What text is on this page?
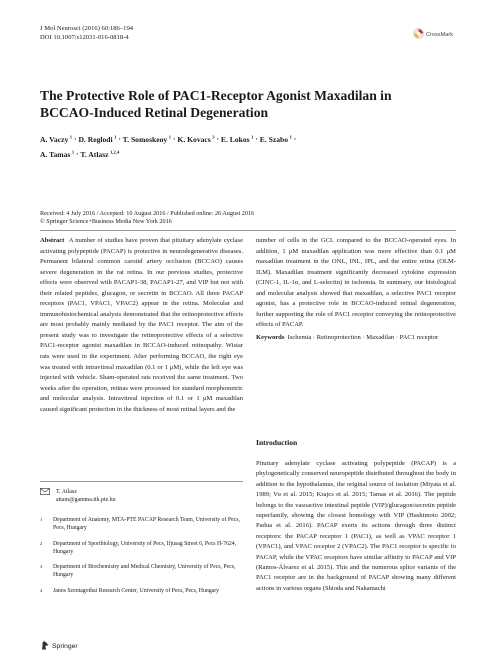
J Mol Neurosci (2016) 60:186–194
DOI 10.1007/s12031-016-0818-4	CrossMark
The Protective Role of PAC1-Receptor Agonist Maxadilan in BCCAO-Induced Retinal Degeneration
A. Vaczy  $^1$ · D. Reglodi  $^1$ · T. Somoskeoy  $^1$ · K. Kovacs  $^3$ · E. Lokos  $^1$ · E. Szabo  $^1$ ·
A. Tamas  $^1$ · T. Atlasz  $^{1,2,4}$
Received: 4 July 2016 / Accepted: 10 August 2016 / Published online: 26 August 2016
© Springer Science+Business Media New York 2016
Abstract A number of studies have proven that pituitary adenylate cyclase activating polypeptide (PACAP) is protective in neurodegenerative diseases. Permanent bilateral common carotid artery occlusion (BCCAO) causes severe degeneration in the rat retina. In our previous studies, protective effects were observed with PACAP1-38, PACAP1-27, and VIP but not with their related peptides, glucagon, or secretin in BCCAO. All three PACAP receptors (PAC1, VPAC1, VPAC2) appear in the retina. Molecular and immunohistochemical analysis demonstrated that the retinoprotective effects are most probably mainly mediated by the PAC1 receptor. The aim of the present study was to investigate the retinoprotective effects of a selective PAC1-receptor agonist maxadilan in BCCAO-induced retinopathy. Wistar rats were used in the experiment. After performing BCCAO, the right eye was treated with intravitreal maxadilan (0.1 or 1 μM), while the left eye was injected with vehicle. Sham-operated rats received the same treatment. Two weeks after the operation, retinas were processed for standard morphometric and molecular analysis. Intravitreal injection of 0.1 or 1 μM maxadilan caused significant protection in the thickness of most retinal layers and the
number of cells in the GCL compared to the BCCAO-operated eyes. In addition, 1 μM maxadilan application was more effective than 0.1 μM maxadilan treatment in the ONL, INL, IPL, and the entire retina (OLM-ILM). Maxadilan treatment significantly decreased cytokine expression (CINC-1, IL-1α, and L-selectin) in ischemia. In summary, our histological and molecular analysis showed that maxadilan, a selective PAC1 receptor agonist, has a protective role in BCCAO-induced retinal degeneration, further supporting the role of PAC1 receptor conveying the retinoprotective effects of PACAP.
Keywords Ischemia · Retinoprotection · Maxadilan · PAC1 receptor
Introduction
Pituitary adenylate cyclase activating polypeptide (PACAP) is a phylogenetically conserved neuropeptide distributed throughout the body in addition to the hypothalamus, the original source of isolation (Miyata et al. 1989; Vu et al. 2015; Krajcs et al. 2015; Tamas et al. 2016). The peptide belongs to the vasoactive intestinal peptide (VIP)/glucagon/secretin peptide superfamily, showing the closest homology with VIP (Hashimoto 2002; Padua et al. 2016). PACAP exerts its actions through three distinct receptors: the PACAP receptor 1 (PAC1), as well as VPAC receptor 1 (VPAC1), and VPAC receptor 2 (VPAC2). The PAC1 receptor is specific to PACAP, while the VPAC receptors have similar affinity to PACAP and VIP (Ramos-Álvarez et al. 2015). This and the numerous splice variants of the PAC1 receptor are in the background of PACAP showing many different actions in various organs (Shioda and Nakamachi
T. Atlasz
attam@gamma.ttk.pte.hu
1 Department of Anatomy, MTA-PTE PACAP Research Team, University of Pecs, Pecs, Hungary
2 Department of Sportbiology, University of Pecs, Ifjusag Street 6, Pecs H-7624, Hungary
3 Department of Biochemistry and Medical Chemistry, University of Pecs, Pecs, Hungary
4 Janos Szentagothai Research Center, University of Pecs, Pecs, Hungary
Springer
